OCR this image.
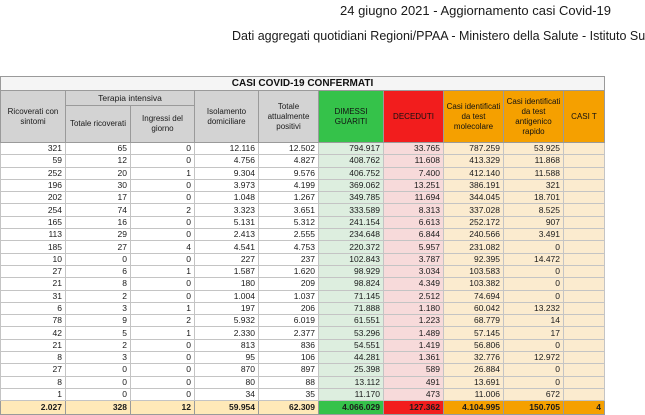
24 giugno 2021 - Aggiornamento casi Covid-19
Dati aggregati quotidiani Regioni/PPAA - Ministero della Salute - Istituto Su
CASI COVID-19 CONFERMATI									
Ricoverati con sintomi	Terapia intensiva		Isolamento domiciliare	Totale attualmente positivi	DIMESSI GUARITI	DECEDUTI	Casi identificati da test molecolare	Casi identificati da test antigenico rapido	CASI T
	Totale ricoverati	Ingressi del giorno							
321	65	0	12.116	12.502	794.917	33.765	787.259	53.925	
59	12	0	4.756	4.827	408.762	11.608	413.329	11.868	
252	20	1	9.304	9.576	406.752	7.400	412.140	11.588	
196	30	0	3.973	4.199	369.062	13.251	386.191	321	
202	17	0	1.048	1.267	349.785	11.694	344.045	18.701	
254	74	2	3.323	3.651	333.589	8.313	337.028	8.525	
165	16	0	5.131	5.312	241.154	6.613	252.172	907	
113	29	0	2.413	2.555	234.648	6.844	240.566	3.491	
185	27	4	4.541	4.753	220.372	5.957	231.082	0	
10	0	0	227	237	102.843	3.787	92.395	14.472	
27	6	1	1.587	1.620	98.929	3.034	103.583	0	
21	8	0	180	209	98.824	4.349	103.382	0	
31	2	0	1.004	1.037	71.145	2.512	74.694	0	
6	3	1	197	206	71.888	1.180	60.042	13.232	
78	9	2	5.932	6.019	61.551	1.223	68.779	14	
42	5	1	2.330	2.377	53.296	1.489	57.145	17	
21	2	0	813	836	54.551	1.419	56.806	0	
8	3	0	95	106	44.281	1.361	32.776	12.972	
27	0	0	870	897	25.398	589	26.884	0	
8	0	0	80	88	13.112	491	13.691	0	
1	0	0	34	35	11.170	473	11.006	672	
2.027	328	12	59.954	62.309	4.066.029	127.362	4.104.995	150.705	4
